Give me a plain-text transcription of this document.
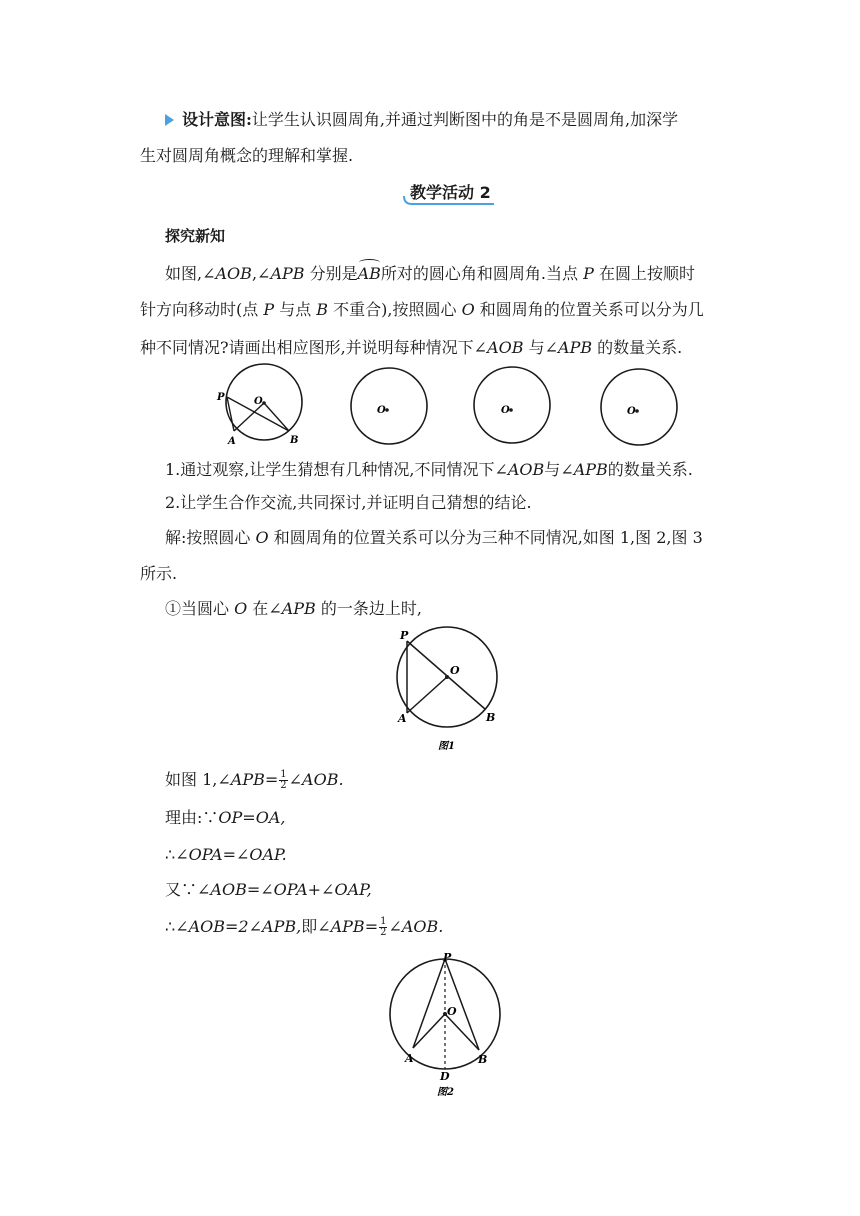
设计意图:让学生认识圆周角,并通过判断图中的角是不是圆周角,加深学
生对圆周角概念的理解和掌握.
教学活动 2
探究新知
如图,∠AOB,∠APB 分别是AB所对的圆心角和圆周角.当点 P 在圆上按顺时
针方向移动时(点 P 与点 B 不重合),按照圆心 O 和圆周角的位置关系可以分为几
种不同情况?请画出相应图形,并说明每种情况下∠AOB 与∠APB 的数量关系.
P	O
A	B
O	O	O
1.通过观察,让学生猜想有几种情况,不同情况下∠AOB与∠APB的数量关系.
2.让学生合作交流,共同探讨,并证明自己猜想的结论.
解:按照圆心 O 和圆周角的位置关系可以分为三种不同情况,如图 1,图 2,图 3
所示.
①当圆心 O 在∠APB 的一条边上时,
P
O
A	B
图1
如图 1,∠APB= $\frac{1}{2}$ ∠AOB.
理由:∵OP=OA,
∴∠OPA=∠OAP.
又∵∠AOB=∠OPA+∠OAP,
∴∠AOB=2∠APB,即∠APB= $\frac{1}{2}$ ∠AOB.
P
O
A	B
D
图2
